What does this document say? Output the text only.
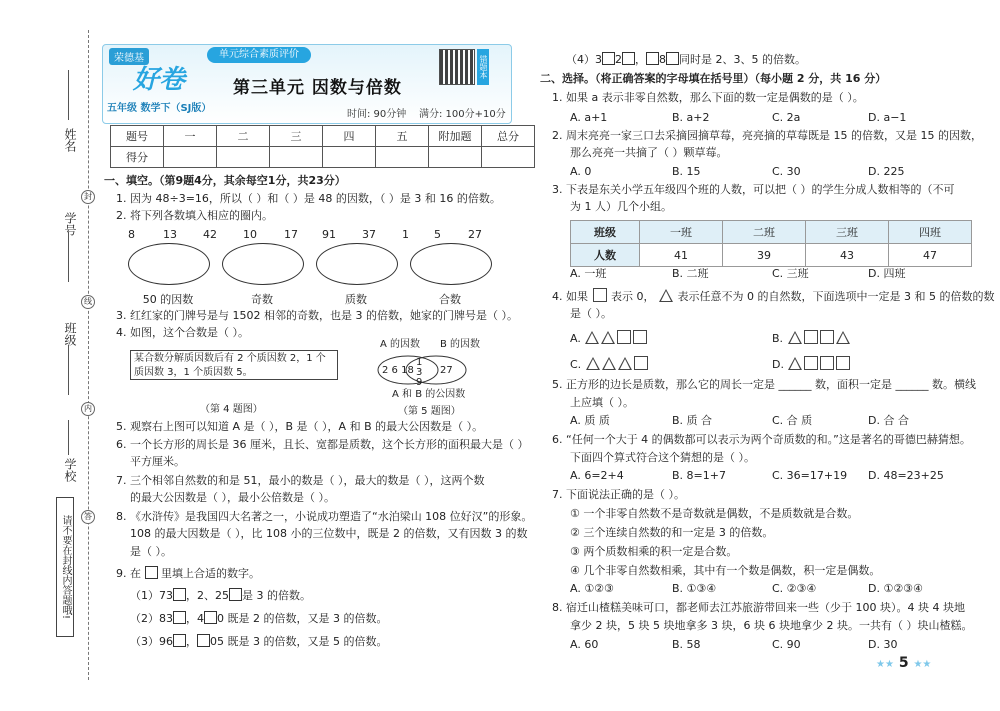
姓名
封
学号
线
班级
内
学校
答
请不要在封线内答题哦!
荣德基
好卷
五年级 数学下（SJ版）
单元综合素质评价
第三单元 因数与倍数
时间: 90分钟 满分: 100分+10分
错题本
题号	一	二	三	四	五	附加题	总分
得分							
一、填空。（第9题4分，其余每空1分，共23分）
1. 因为 48÷3=16，所以（ ）和（ ）是 48 的因数，（ ）是 3 和 16 的倍数。
2. 将下列各数填入相应的圈内。
8	13 42 10 17 91 37 1 5 27
50 的因数	奇数	质数	合数
3. 红红家的门牌号是与 1502 相邻的奇数，也是 3 的倍数，她家的门牌号是（ ）。
4. 如图，这个合数是（ ）。
某合数分解质因数后有 2 个质因数 2，1 个质因数 3，1 个质因数 5。
A 的因数 B 的因数
2 6 18
1 3 9
27
A 和 B 的公因数
（第 4 题图）	（第 5 题图）
5. 观察右上图可以知道 A 是（ ），B 是（ ），A 和 B 的最大公因数是（ ）。
6. 一个长方形的周长是 36 厘米，且长、宽都是质数，这个长方形的面积最大是（ ）
平方厘米。
7. 三个相邻自然数的和是 51，最小的数是（ ），最大的数是（ ），这两个数
的最大公因数是（ ），最小公倍数是（ ）。
8. 《水浒传》是我国四大名著之一，小说成功塑造了“水泊梁山 108 位好汉”的形象。
108 的最大因数是（ ），比 108 小的三位数中，既是 2 的倍数，又有因数 3 的数
是（ ）。
9. 在 里填上合适的数字。
（1）73 ，2、25 是 3 的倍数。
（2）83 ，4 0 既是 2 的倍数，又是 3 的倍数。
（3）96 ， 05 既是 3 的倍数，又是 5 的倍数。
（4）3 2 ， 8 同时是 2、3、5 的倍数。
二、选择。（将正确答案的字母填在括号里）（每小题 2 分，共 16 分）
1. 如果 a 表示非零自然数，那么下面的数一定是偶数的是（ ）。
A. a+1	B. a+2	C. 2a	D. a−1
2. 周末亮亮一家三口去采摘园摘草莓，亮亮摘的草莓既是 15 的倍数，又是 15 的因数，
那么亮亮一共摘了（ ）颗草莓。
A. 0	B. 15	C. 30	D. 225
3. 下表是东关小学五年级四个班的人数，可以把（ ）的学生分成人数相等的（不可
为 1 人）几个小组。
班级	一班	二班	三班	四班
人数	41	39	43	47
A. 一班	B. 二班	C. 三班	D. 四班
4. 如果 表示 0， 表示任意不为 0 的自然数，下面选项中一定是 3 和 5 的倍数的数
是（ ）。
A.	B.
C.	D.
5. 正方形的边长是质数，那么它的周长一定是 ______ 数，面积一定是 ______ 数。横线
上应填（ ）。
A. 质 质	B. 质 合	C. 合 质	D. 合 合
6. “任何一个大于 4 的偶数都可以表示为两个奇质数的和。”这是著名的哥德巴赫猜想。
下面四个算式符合这个猜想的是（ ）。
A. 6=2+4	B. 8=1+7	C. 36=17+19 D. 48=23+25
7. 下面说法正确的是（ ）。
① 一个非零自然数不是奇数就是偶数，不是质数就是合数。
② 三个连续自然数的和一定是 3 的倍数。
③ 两个质数相乘的积一定是合数。
④ 几个非零自然数相乘，其中有一个数是偶数，积一定是偶数。
A. ①②③	B. ①③④	C. ②③④	D. ①②③④
8. 宿迁山楂糕美味可口，都老师去江苏旅游带回来一些（少于 100 块）。4 块 4 块地
拿少 2 块，5 块 5 块地拿多 3 块，6 块 6 块地拿少 2 块。一共有（ ）块山楂糕。
A. 60	B. 58	C. 90	D. 30
★★ 5 ★★
